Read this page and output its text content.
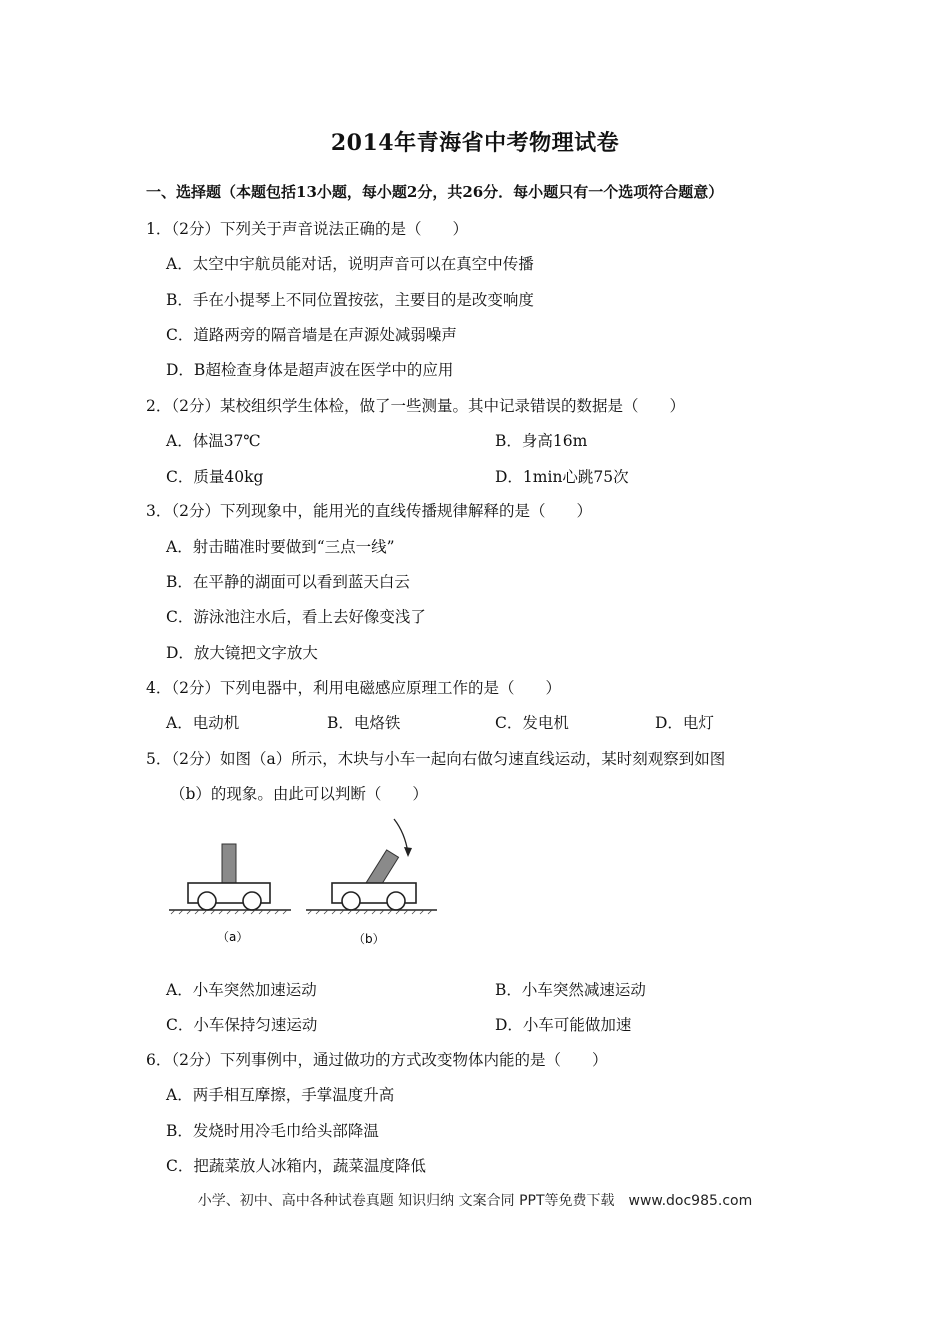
2014年青海省中考物理试卷
一、选择题（本题包括13小题，每小题2分，共26分．每小题只有一个选项符合题意）
1．（2分）下列关于声音说法正确的是（　　）
A．太空中宇航员能对话，说明声音可以在真空中传播
B．手在小提琴上不同位置按弦，主要目的是改变响度
C．道路两旁的隔音墙是在声源处减弱噪声
D．B超检查身体是超声波在医学中的应用
2．（2分）某校组织学生体检，做了一些测量。其中记录错误的数据是（　　）
A．体温37℃	B．身高16m
C．质量40kg	D．1min心跳75次
3．（2分）下列现象中，能用光的直线传播规律解释的是（　　）
A．射击瞄准时要做到“三点一线”
B．在平静的湖面可以看到蓝天白云
C．游泳池注水后，看上去好像变浅了
D．放大镜把文字放大
4．（2分）下列电器中，利用电磁感应原理工作的是（　　）
A．电动机	B．电烙铁	C．发电机	D．电灯
5．（2分）如图（a）所示，木块与小车一起向右做匀速直线运动，某时刻观察到如图
（b）的现象。由此可以判断（　　）
（a）	（b）
A．小车突然加速运动	B．小车突然减速运动
C．小车保持匀速运动	D．小车可能做加速
6．（2分）下列事例中，通过做功的方式改变物体内能的是（　　）
A．两手相互摩擦，手掌温度升高
B．发烧时用冷毛巾给头部降温
C．把蔬菜放人冰箱内，蔬菜温度降低
小学、初中、高中各种试卷真题 知识归纳 文案合同 PPT等免费下载　www.doc985.com
